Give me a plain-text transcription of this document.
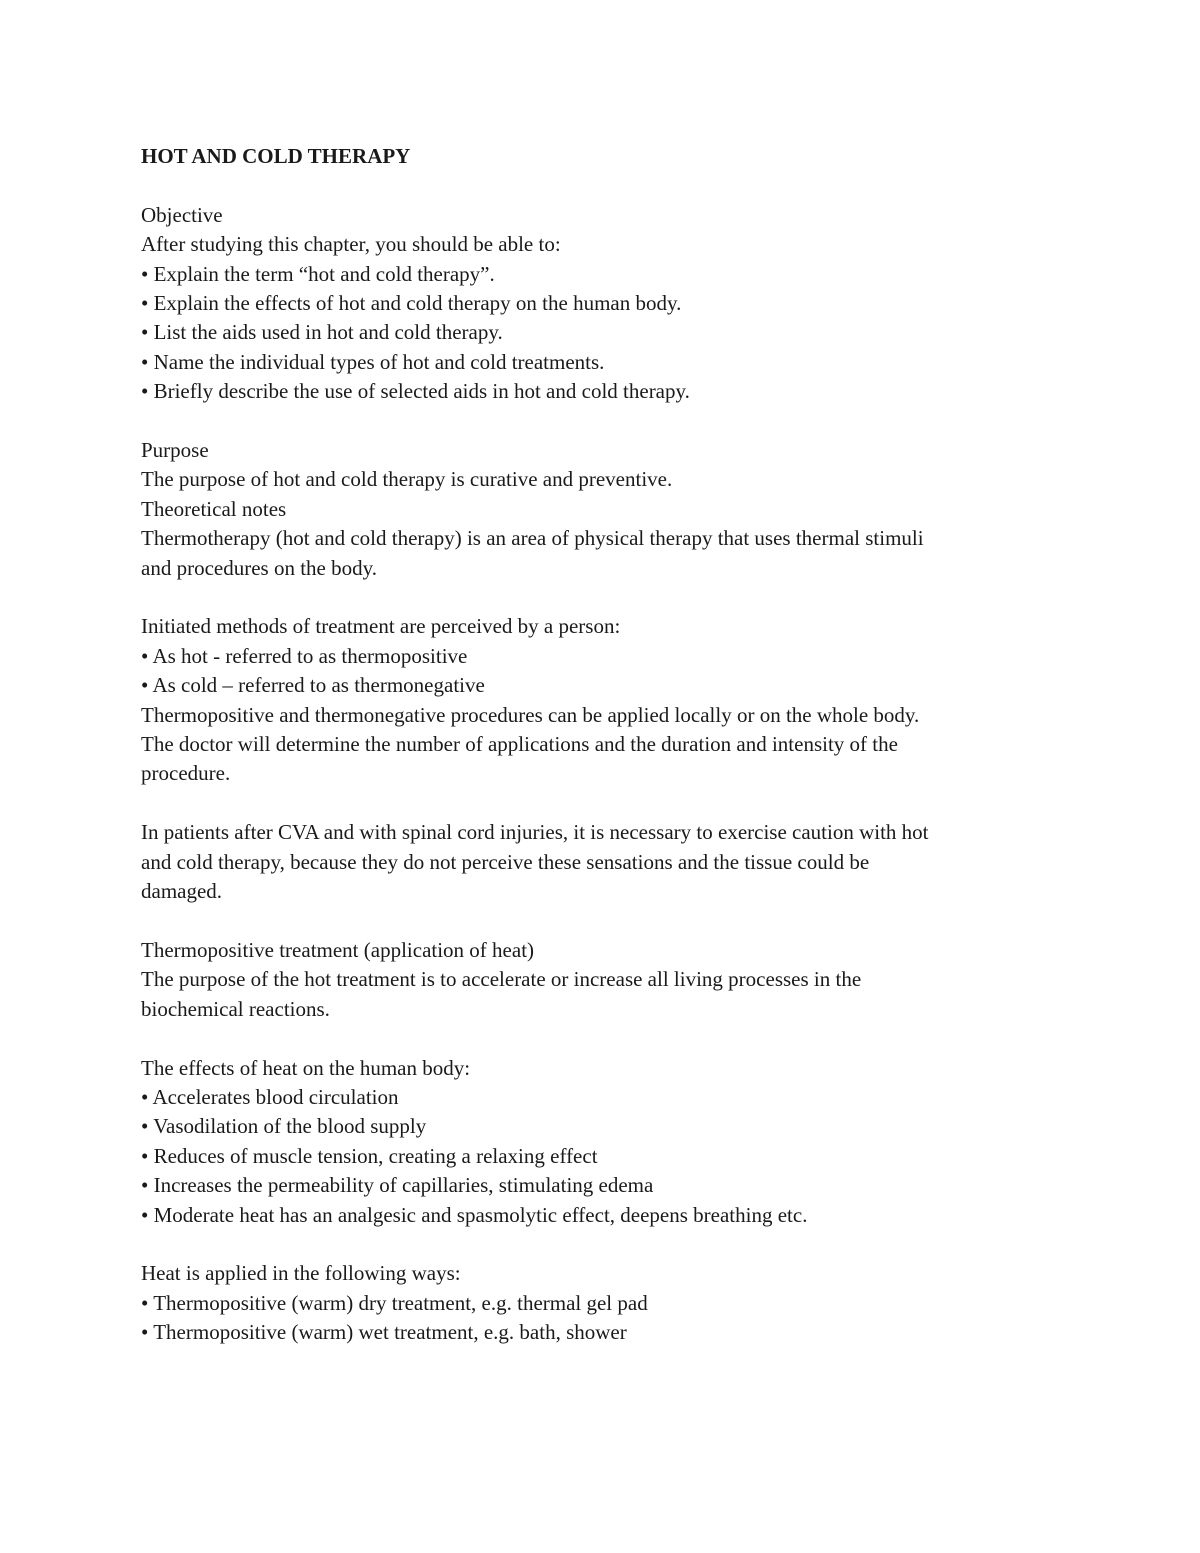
HOT AND COLD THERAPY

Objective

After studying this chapter, you should be able to:

• Explain the term “hot and cold therapy”.

• Explain the effects of hot and cold therapy on the human body.

• List the aids used in hot and cold therapy.

• Name the individual types of hot and cold treatments.

• Briefly describe the use of selected aids in hot and cold therapy.

Purpose

The purpose of hot and cold therapy is curative and preventive.

Theoretical notes

Thermotherapy (hot and cold therapy) is an area of physical therapy that uses thermal stimuli

and procedures on the body.

Initiated methods of treatment are perceived by a person:

• As hot - referred to as thermopositive

• As cold – referred to as thermonegative

Thermopositive and thermonegative procedures can be applied locally or on the whole body.

The doctor will determine the number of applications and the duration and intensity of the

procedure.

In patients after CVA and with spinal cord injuries, it is necessary to exercise caution with hot

and cold therapy, because they do not perceive these sensations and the tissue could be

damaged.

Thermopositive treatment (application of heat)

The purpose of the hot treatment is to accelerate or increase all living processes in the

biochemical reactions.

The effects of heat on the human body:

• Accelerates blood circulation

• Vasodilation of the blood supply

• Reduces of muscle tension, creating a relaxing effect

• Increases the permeability of capillaries, stimulating edema

• Moderate heat has an analgesic and spasmolytic effect, deepens breathing etc.

Heat is applied in the following ways:

• Thermopositive (warm) dry treatment, e.g. thermal gel pad

• Thermopositive (warm) wet treatment, e.g. bath, shower
